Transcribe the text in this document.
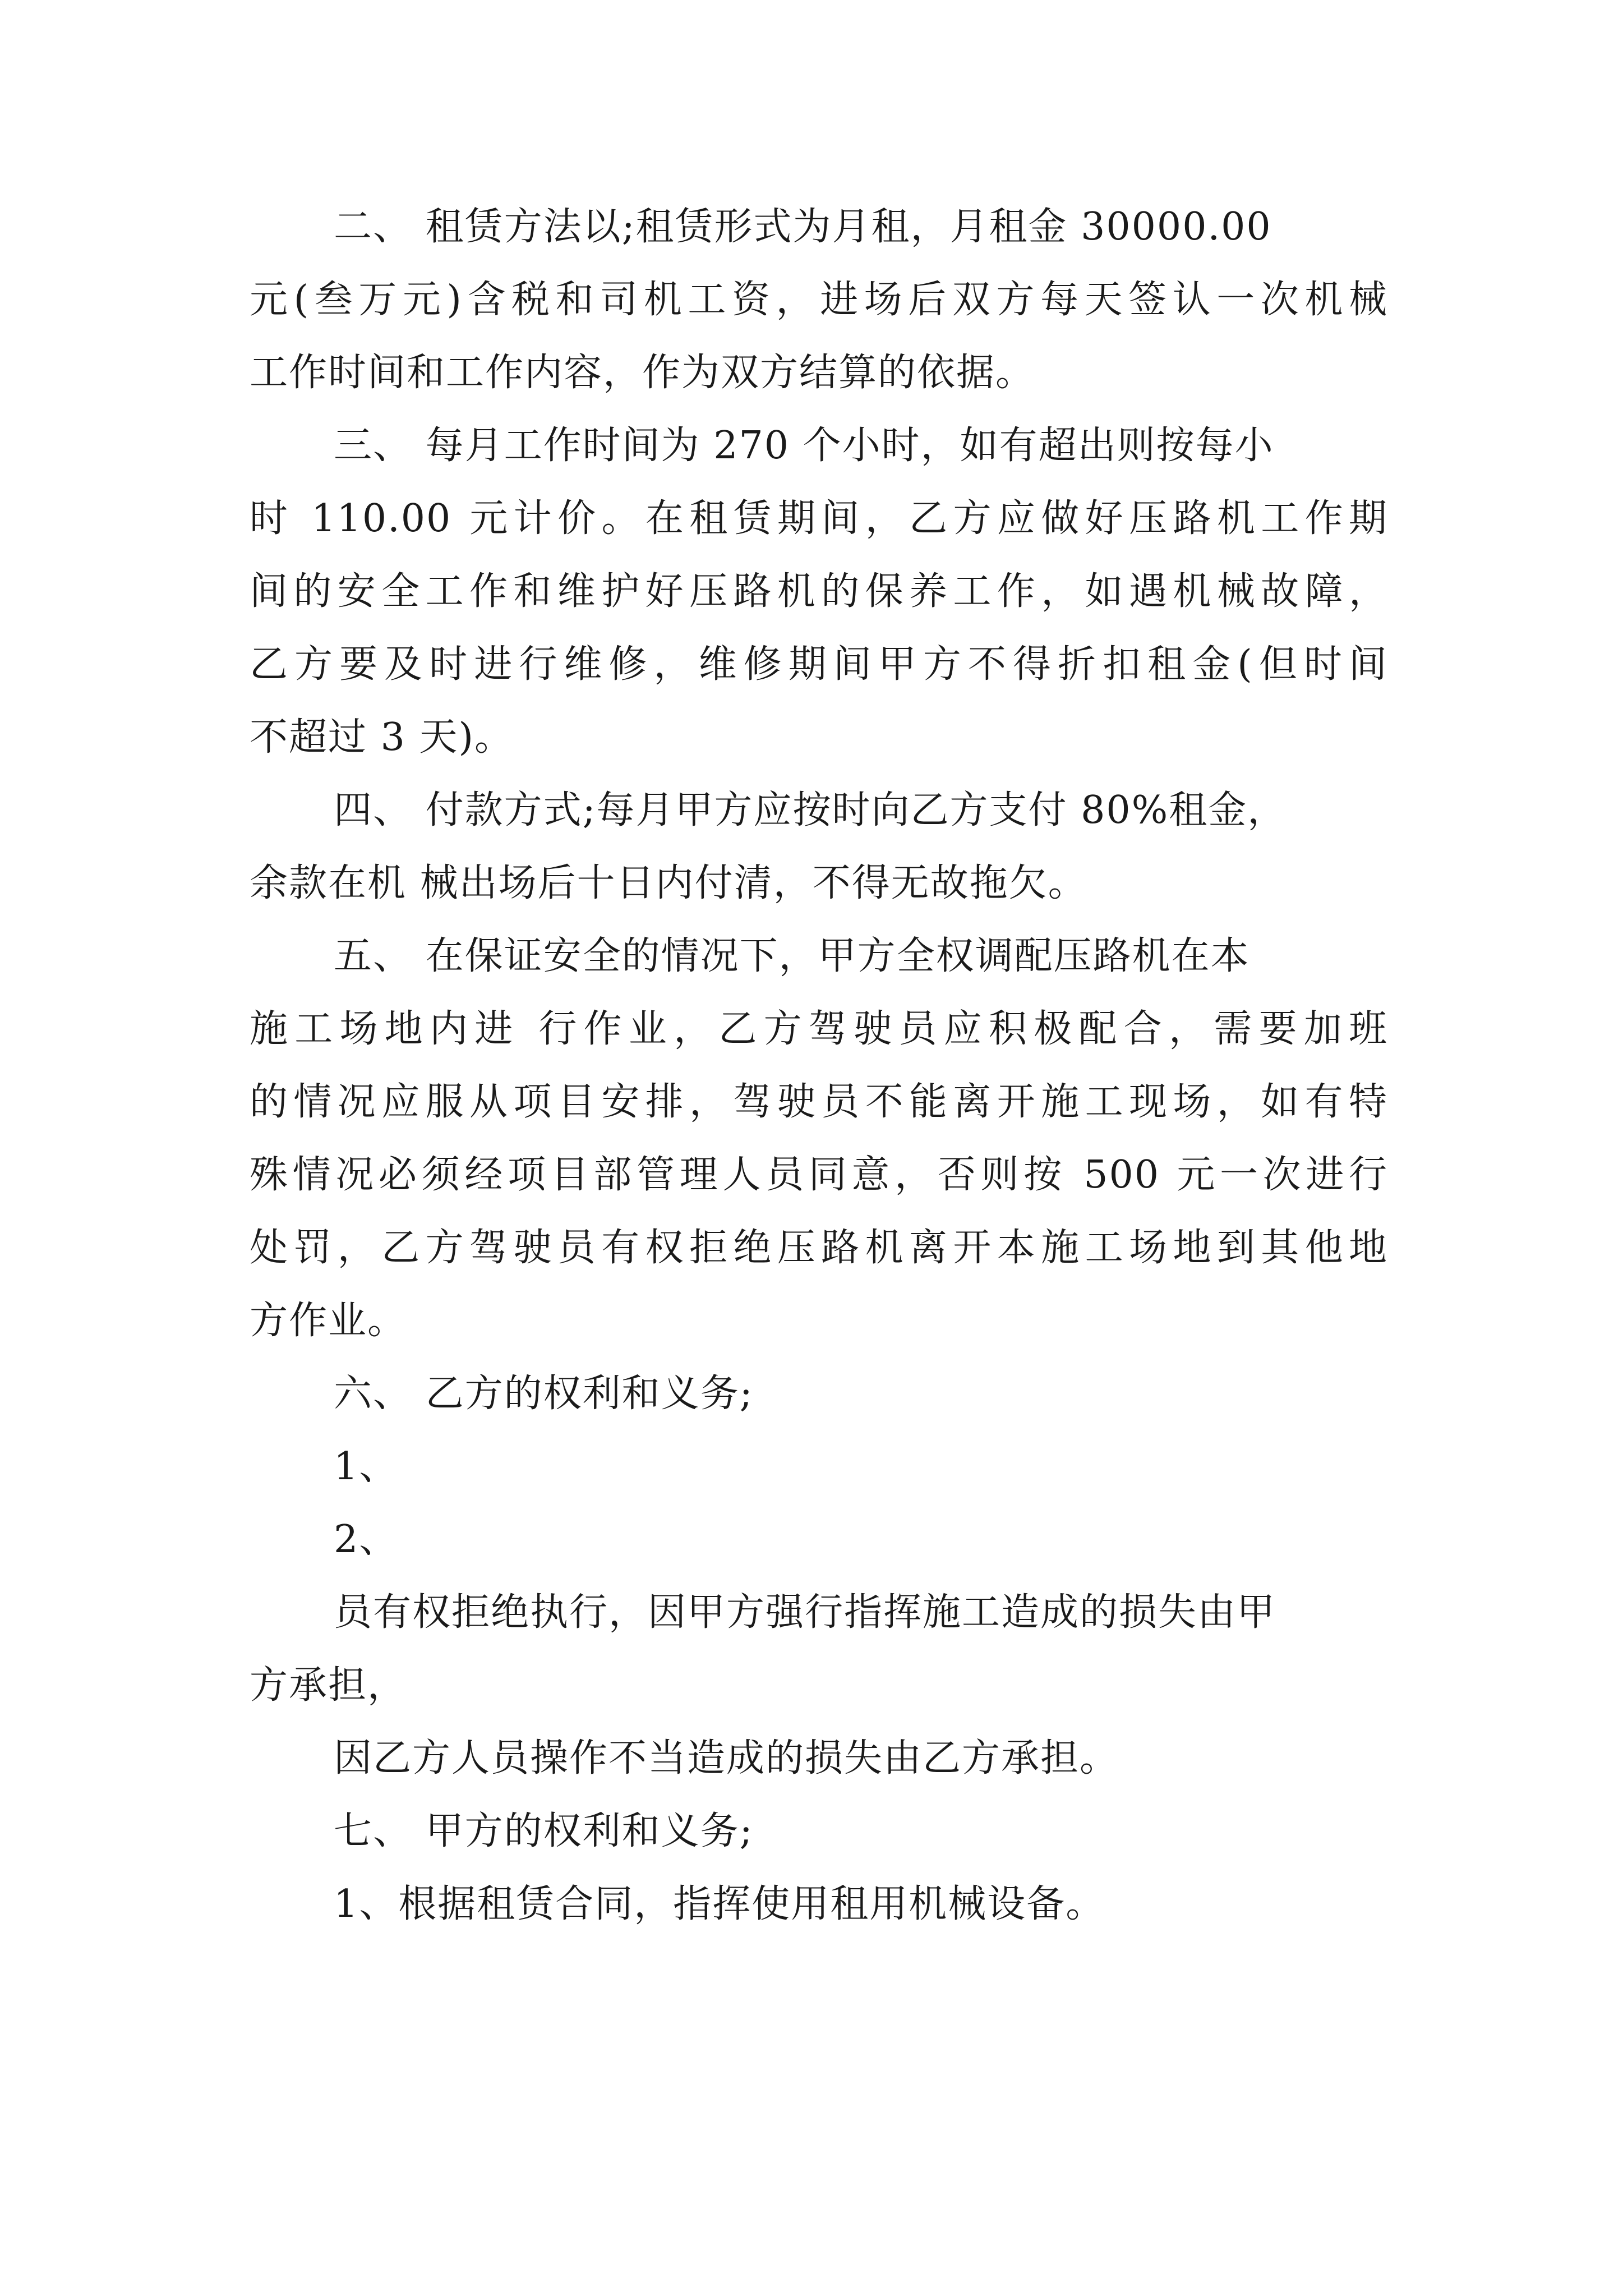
二、 租赁方法以;租赁形式为月租，月租金 30000.00
元(叁万元)含税和司机工资，进场后双方每天签认一次机械
工作时间和工作内容，作为双方结算的依据。
三、 每月工作时间为 270 个小时，如有超出则按每小
时 110.00 元计价。在租赁期间，乙方应做好压路机工作期
间的安全工作和维护好压路机的保养工作，如遇机械故障，
乙方要及时进行维修，维修期间甲方不得折扣租金(但时间
不超过 3 天)。
四、 付款方式;每月甲方应按时向乙方支付 80%租金，
余款在机 械出场后十日内付清，不得无故拖欠。
五、 在保证安全的情况下，甲方全权调配压路机在本
施工场地内进 行作业，乙方驾驶员应积极配合，需要加班
的情况应服从项目安排，驾驶员不能离开施工现场，如有特
殊情况必须经项目部管理人员同意，否则按 500 元一次进行
处罚，乙方驾驶员有权拒绝压路机离开本施工场地到其他地
方作业。
六、 乙方的权利和义务;
1、
2、
员有权拒绝执行，因甲方强行指挥施工造成的损失由甲
方承担，
因乙方人员操作不当造成的损失由乙方承担。
七、 甲方的权利和义务;
1、根据租赁合同，指挥使用租用机械设备。
